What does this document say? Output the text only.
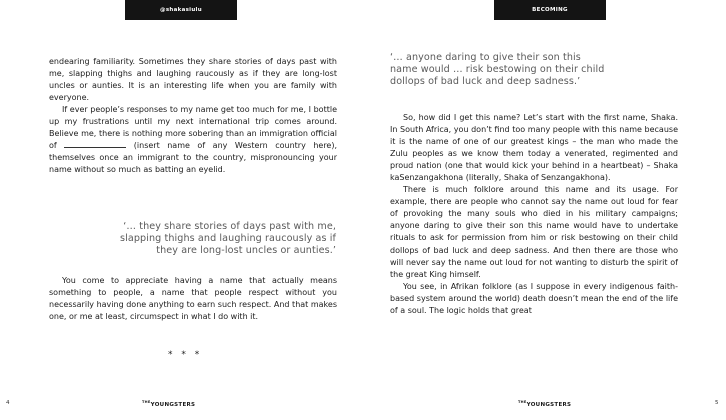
@shakasiulu

endearing familiarity. Sometimes they share stories of days past with me, slapping thighs and laughing raucously as if they are long-lost uncles or aunties. It is an interesting life when you are family with everyone.

If ever people’s responses to my name get too much for me, I bottle up my frustrations until my next international trip comes around. Believe me, there is nothing more sobering than an immigration official of	(insert name of any Western country here), themselves once an immigrant to the country, mispronouncing your name without so much as batting an eyelid.

‘… they share stories of days past with me,
slapping thighs and laughing raucously as if
they are long-lost uncles or aunties.’

You come to appreciate having a name that actually means something to people, a name that people respect without you necessarily having done anything to earn such respect. And that makes one, or me at least, circumspect in what I do with it.

* * *
4	$^{THE}$YOUNGSTERS
BECOMING
‘… anyone daring to give their son this
name would … risk bestowing on their child
dollops of bad luck and deep sadness.’

So, how did I get this name? Let’s start with the first name, Shaka. In South Africa, you don’t find too many people with this name because it is the name of one of our greatest kings – the man who made the Zulu peoples as we know them today a venerated, regimented and proud nation (one that would kick your behind in a heartbeat) – Shaka kaSenzangakhona (literally, Shaka of Senzangakhona).

There is much folklore around this name and its usage. For example, there are people who cannot say the name out loud for fear of provoking the many souls who died in his military campaigns; anyone daring to give their son this name would have to undertake rituals to ask for permission from him or risk bestowing on their child dollops of bad luck and deep sadness. And then there are those who will never say the name out loud for not wanting to disturb the spirit of the great King himself.

You see, in Afrikan folklore (as I suppose in every indigenous faith-based system around the world) death doesn’t mean the end of the life of a soul. The logic holds that great

$^{THE}$YOUNGSTERS	5
